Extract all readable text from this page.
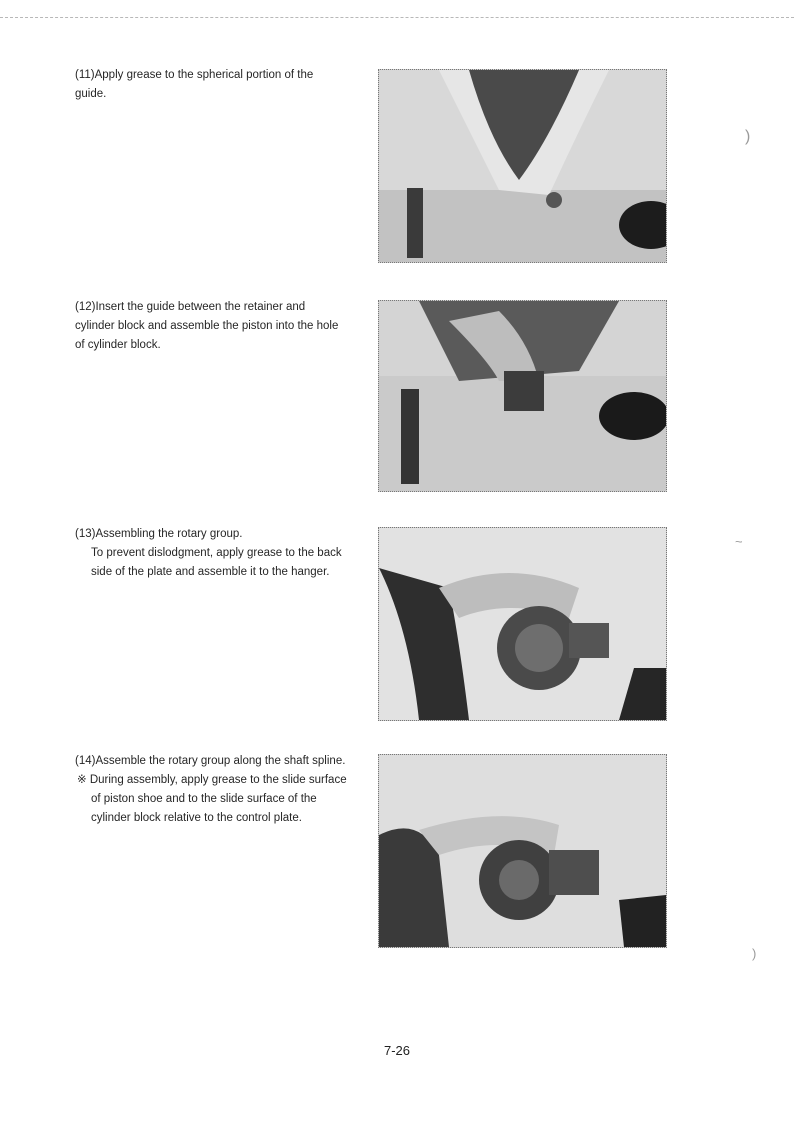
(11)Apply grease to the spherical portion of the guide.

(12)Insert the guide between the retainer and cylinder block and assemble the piston into the hole of cylinder block.

(13)Assembling the rotary group.

To prevent dislodgment, apply grease to the back side of the plate and assemble it to the hanger.

(14)Assemble the rotary group along the shaft spline.

※ During assembly, apply grease to the slide surface of piston shoe and to the slide surface of the cylinder block relative to the control plate.

)
~
)
7-26
